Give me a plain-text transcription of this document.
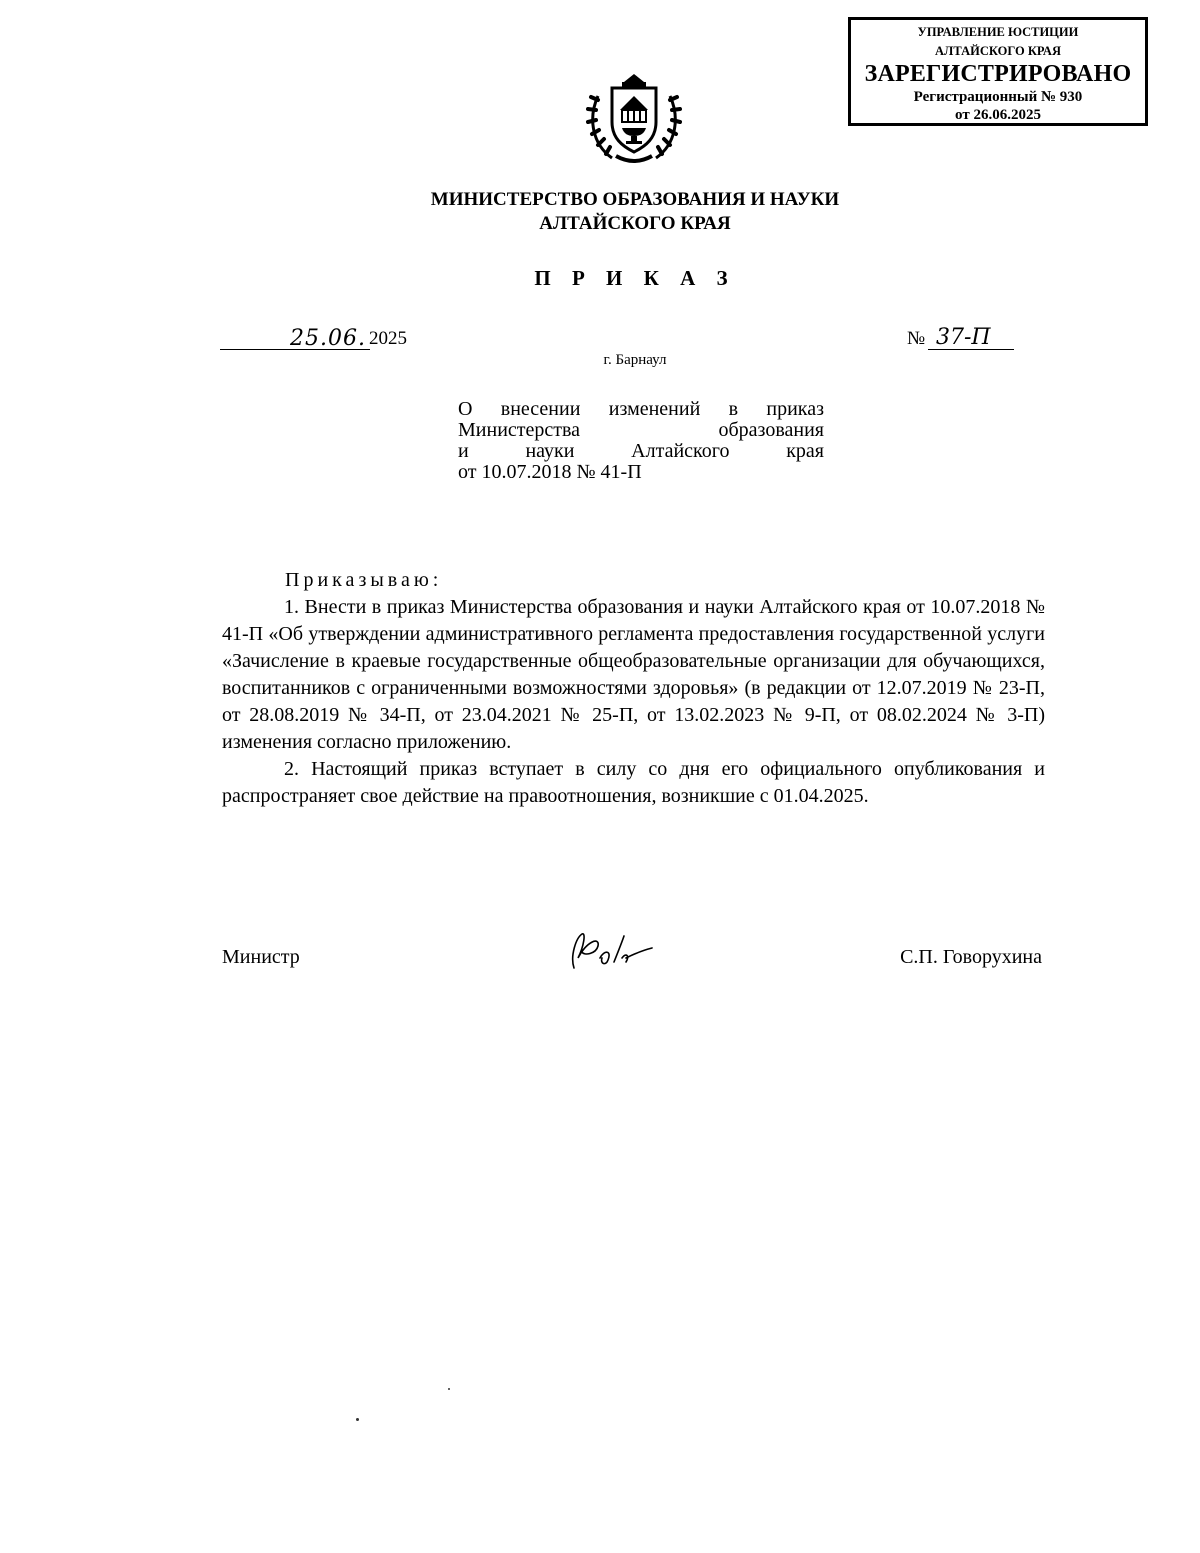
УПРАВЛЕНИЕ ЮСТИЦИИ
АЛТАЙСКОГО КРАЯ
ЗАРЕГИСТРИРОВАНО
Регистрационный № 930
от 26.06.2025
МИНИСТЕРСТВО ОБРАЗОВАНИЯ И НАУКИ
АЛТАЙСКОГО КРАЯ
П Р И К А З
25.06. 2025	№ 37-П
г. Барнаул
О внесении изменений в приказ
Министерства образования
и науки Алтайского края
от 10.07.2018 № 41-П
Приказываю:

1. Внести в приказ Министерства образования и науки Алтайского края от 10.07.2018 № 41-П «Об утверждении административного регламента предоставления государственной услуги «Зачисление в краевые государственные общеобразовательные организации для обучающихся, воспитанников с ограниченными возможностями здоровья» (в редакции от 12.07.2019 № 23-П, от 28.08.2019 № 34-П, от 23.04.2021 № 25-П, от 13.02.2023 № 9-П, от 08.02.2024 № 3-П) изменения согласно приложению.

2. Настоящий приказ вступает в силу со дня его официального опубликования и распространяет свое действие на правоотношения, возникшие с 01.04.2025.

Министр	С.П. Говорухина
